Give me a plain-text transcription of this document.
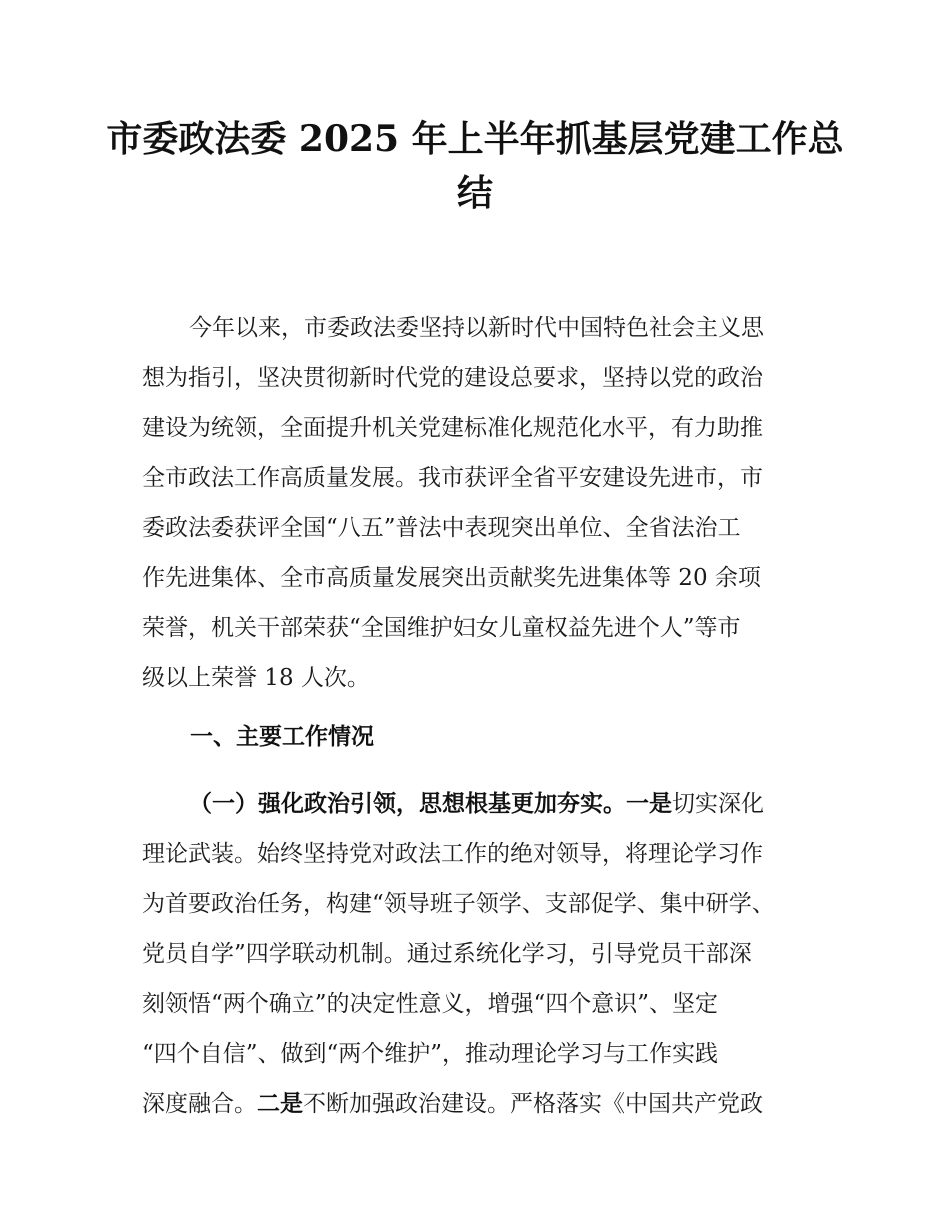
市委政法委 2025 年上半年抓基层党建工作总
结
今年以来，市委政法委坚持以新时代中国特色社会主义思
想为指引，坚决贯彻新时代党的建设总要求，坚持以党的政治
建设为统领，全面提升机关党建标准化规范化水平，有力助推
全市政法工作高质量发展。我市获评全省平安建设先进市，市
委政法委获评全国“八五”普法中表现突出单位、全省法治工
作先进集体、全市高质量发展突出贡献奖先进集体等 20 余项
荣誉，机关干部荣获“全国维护妇女儿童权益先进个人”等市
级以上荣誉 18 人次。
一、主要工作情况
（一）强化政治引领，思想根基更加夯实。一是切实深化
理论武装。始终坚持党对政法工作的绝对领导，将理论学习作
为首要政治任务，构建“领导班子领学、支部促学、集中研学、
党员自学”四学联动机制。通过系统化学习，引导党员干部深
刻领悟“两个确立”的决定性意义，增强“四个意识”、坚定
“四个自信”、做到“两个维护”，推动理论学习与工作实践
深度融合。二是不断加强政治建设。严格落实《中国共产党政
